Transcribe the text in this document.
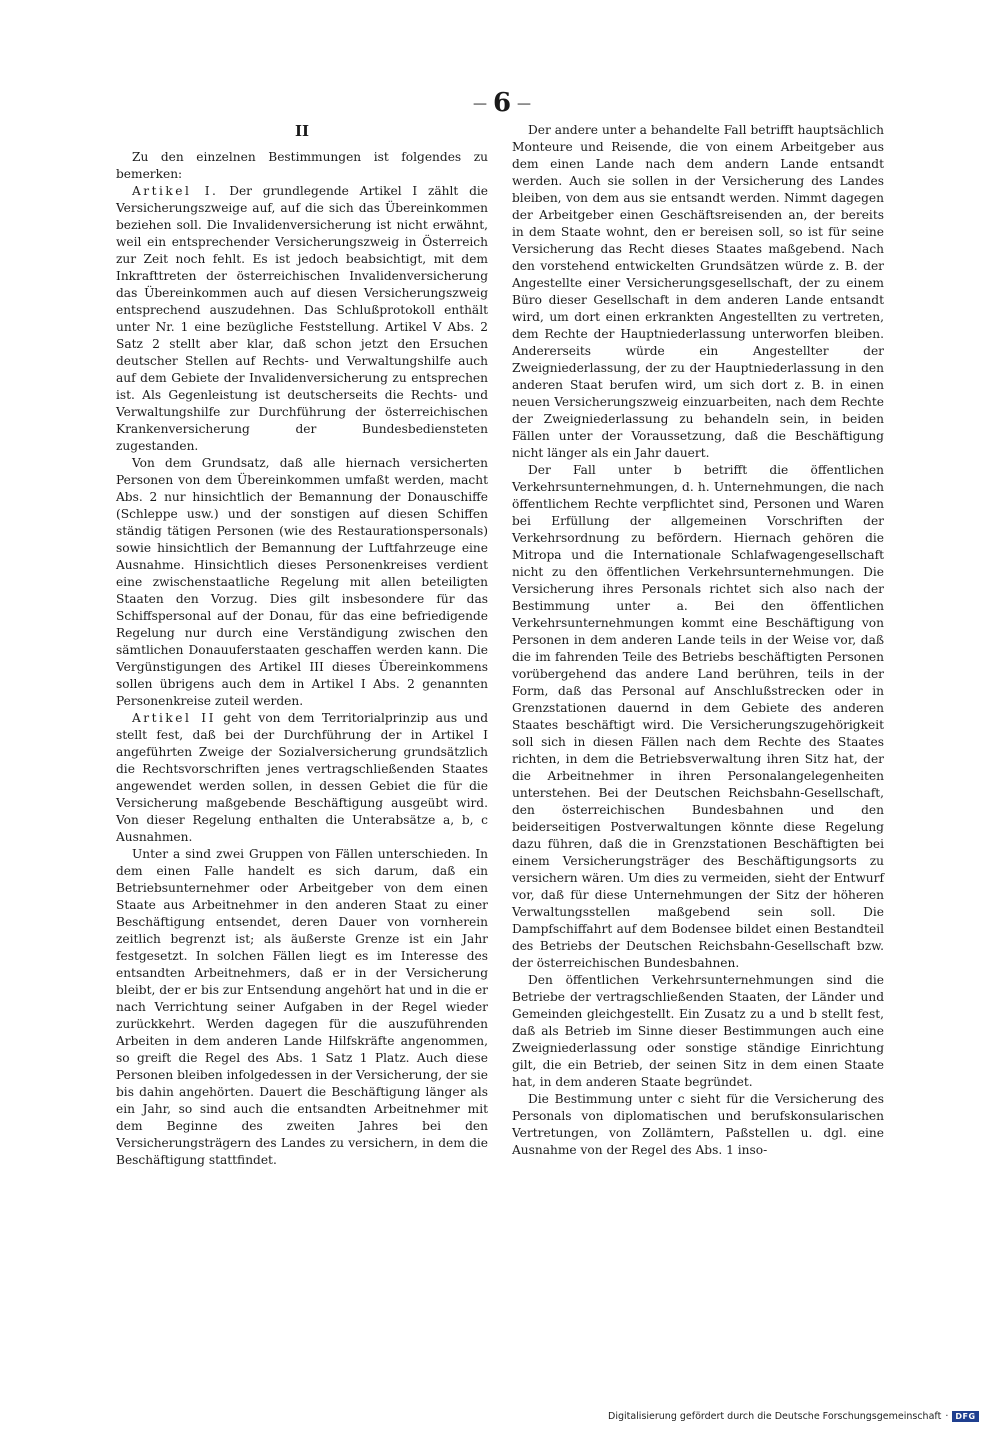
— 6 —
II

Zu den einzelnen Bestimmungen ist folgendes zu bemerken:

Artikel I. Der grundlegende Artikel I zählt die Versicherungszweige auf, auf die sich das Übereinkommen beziehen soll. Die Invalidenversicherung ist nicht erwähnt, weil ein entsprechender Versicherungszweig in Österreich zur Zeit noch fehlt. Es ist jedoch beabsichtigt, mit dem Inkrafttreten der österreichischen Invalidenversicherung das Übereinkommen auch auf diesen Versicherungszweig entsprechend auszudehnen. Das Schlußprotokoll enthält unter Nr. 1 eine bezügliche Feststellung. Artikel V Abs. 2 Satz 2 stellt aber klar, daß schon jetzt den Ersuchen deutscher Stellen auf Rechts- und Verwaltungshilfe auch auf dem Gebiete der Invalidenversicherung zu entsprechen ist. Als Gegenleistung ist deutscherseits die Rechts- und Verwaltungshilfe zur Durchführung der österreichischen Krankenversicherung der Bundesbediensteten zugestanden.

Von dem Grundsatz, daß alle hiernach versicherten Personen von dem Übereinkommen umfaßt werden, macht Abs. 2 nur hinsichtlich der Bemannung der Donauschiffe (Schleppe usw.) und der sonstigen auf diesen Schiffen ständig tätigen Personen (wie des Restaurationspersonals) sowie hinsichtlich der Bemannung der Luftfahrzeuge eine Ausnahme. Hinsichtlich dieses Personenkreises verdient eine zwischenstaatliche Regelung mit allen beteiligten Staaten den Vorzug. Dies gilt insbesondere für das Schiffspersonal auf der Donau, für das eine befriedigende Regelung nur durch eine Verständigung zwischen den sämtlichen Donauuferstaaten geschaffen werden kann. Die Vergünstigungen des Artikel III dieses Übereinkommens sollen übrigens auch dem in Artikel I Abs. 2 genannten Personenkreise zuteil werden.

Artikel II geht von dem Territorialprinzip aus und stellt fest, daß bei der Durchführung der in Artikel I angeführten Zweige der Sozialversicherung grundsätzlich die Rechtsvorschriften jenes vertragschließenden Staates angewendet werden sollen, in dessen Gebiet die für die Versicherung maßgebende Beschäftigung ausgeübt wird. Von dieser Regelung enthalten die Unterabsätze a, b, c Ausnahmen.

Unter a sind zwei Gruppen von Fällen unterschieden. In dem einen Falle handelt es sich darum, daß ein Betriebsunternehmer oder Arbeitgeber von dem einen Staate aus Arbeitnehmer in den anderen Staat zu einer Beschäftigung entsendet, deren Dauer von vornherein zeitlich begrenzt ist; als äußerste Grenze ist ein Jahr festgesetzt. In solchen Fällen liegt es im Interesse des entsandten Arbeitnehmers, daß er in der Versicherung bleibt, der er bis zur Entsendung angehört hat und in die er nach Verrichtung seiner Aufgaben in der Regel wieder zurückkehrt. Werden dagegen für die auszuführenden Arbeiten in dem anderen Lande Hilfskräfte angenommen, so greift die Regel des Abs. 1 Satz 1 Platz. Auch diese Personen bleiben infolgedessen in der Versicherung, der sie bis dahin angehörten. Dauert die Beschäftigung länger als ein Jahr, so sind auch die entsandten Arbeitnehmer mit dem Beginne des zweiten Jahres bei den Versicherungsträgern des Landes zu versichern, in dem die Beschäftigung stattfindet.

Der andere unter a behandelte Fall betrifft hauptsächlich Monteure und Reisende, die von einem Arbeitgeber aus dem einen Lande nach dem andern Lande entsandt werden. Auch sie sollen in der Versicherung des Landes bleiben, von dem aus sie entsandt werden. Nimmt dagegen der Arbeitgeber einen Geschäftsreisenden an, der bereits in dem Staate wohnt, den er bereisen soll, so ist für seine Versicherung das Recht dieses Staates maßgebend. Nach den vorstehend entwickelten Grundsätzen würde z. B. der Angestellte einer Versicherungsgesellschaft, der zu einem Büro dieser Gesellschaft in dem anderen Lande entsandt wird, um dort einen erkrankten Angestellten zu vertreten, dem Rechte der Hauptniederlassung unterworfen bleiben. Andererseits würde ein Angestellter der Zweigniederlassung, der zu der Hauptniederlassung in den anderen Staat berufen wird, um sich dort z. B. in einen neuen Versicherungszweig einzuarbeiten, nach dem Rechte der Zweigniederlassung zu behandeln sein, in beiden Fällen unter der Voraussetzung, daß die Beschäftigung nicht länger als ein Jahr dauert.

Der Fall unter b betrifft die öffentlichen Verkehrsunternehmungen, d. h. Unternehmungen, die nach öffentlichem Rechte verpflichtet sind, Personen und Waren bei Erfüllung der allgemeinen Vorschriften der Verkehrsordnung zu befördern. Hiernach gehören die Mitropa und die Internationale Schlafwagengesellschaft nicht zu den öffentlichen Verkehrsunternehmungen. Die Versicherung ihres Personals richtet sich also nach der Bestimmung unter a. Bei den öffentlichen Verkehrsunternehmungen kommt eine Beschäftigung von Personen in dem anderen Lande teils in der Weise vor, daß die im fahrenden Teile des Betriebs beschäftigten Personen vorübergehend das andere Land berühren, teils in der Form, daß das Personal auf Anschlußstrecken oder in Grenzstationen dauernd in dem Gebiete des anderen Staates beschäftigt wird. Die Versicherungszugehörigkeit soll sich in diesen Fällen nach dem Rechte des Staates richten, in dem die Betriebsverwaltung ihren Sitz hat, der die Arbeitnehmer in ihren Personalangelegenheiten unterstehen. Bei der Deutschen Reichsbahn-Gesellschaft, den österreichischen Bundesbahnen und den beiderseitigen Postverwaltungen könnte diese Regelung dazu führen, daß die in Grenzstationen Beschäftigten bei einem Versicherungsträger des Beschäftigungsorts zu versichern wären. Um dies zu vermeiden, sieht der Entwurf vor, daß für diese Unternehmungen der Sitz der höheren Verwaltungsstellen maßgebend sein soll. Die Dampfschiffahrt auf dem Bodensee bildet einen Bestandteil des Betriebs der Deutschen Reichsbahn-Gesellschaft bzw. der österreichischen Bundesbahnen.

Den öffentlichen Verkehrsunternehmungen sind die Betriebe der vertragschließenden Staaten, der Länder und Gemeinden gleichgestellt. Ein Zusatz zu a und b stellt fest, daß als Betrieb im Sinne dieser Bestimmungen auch eine Zweigniederlassung oder sonstige ständige Einrichtung gilt, die ein Betrieb, der seinen Sitz in dem einen Staate hat, in dem anderen Staate begründet.

Die Bestimmung unter c sieht für die Versicherung des Personals von diplomatischen und berufskonsularischen Vertretungen, von Zollämtern, Paßstellen u. dgl. eine Ausnahme von der Regel des Abs. 1 inso-

Digitalisierung gefördert durch die Deutsche Forschungsgemeinschaft · DFG
